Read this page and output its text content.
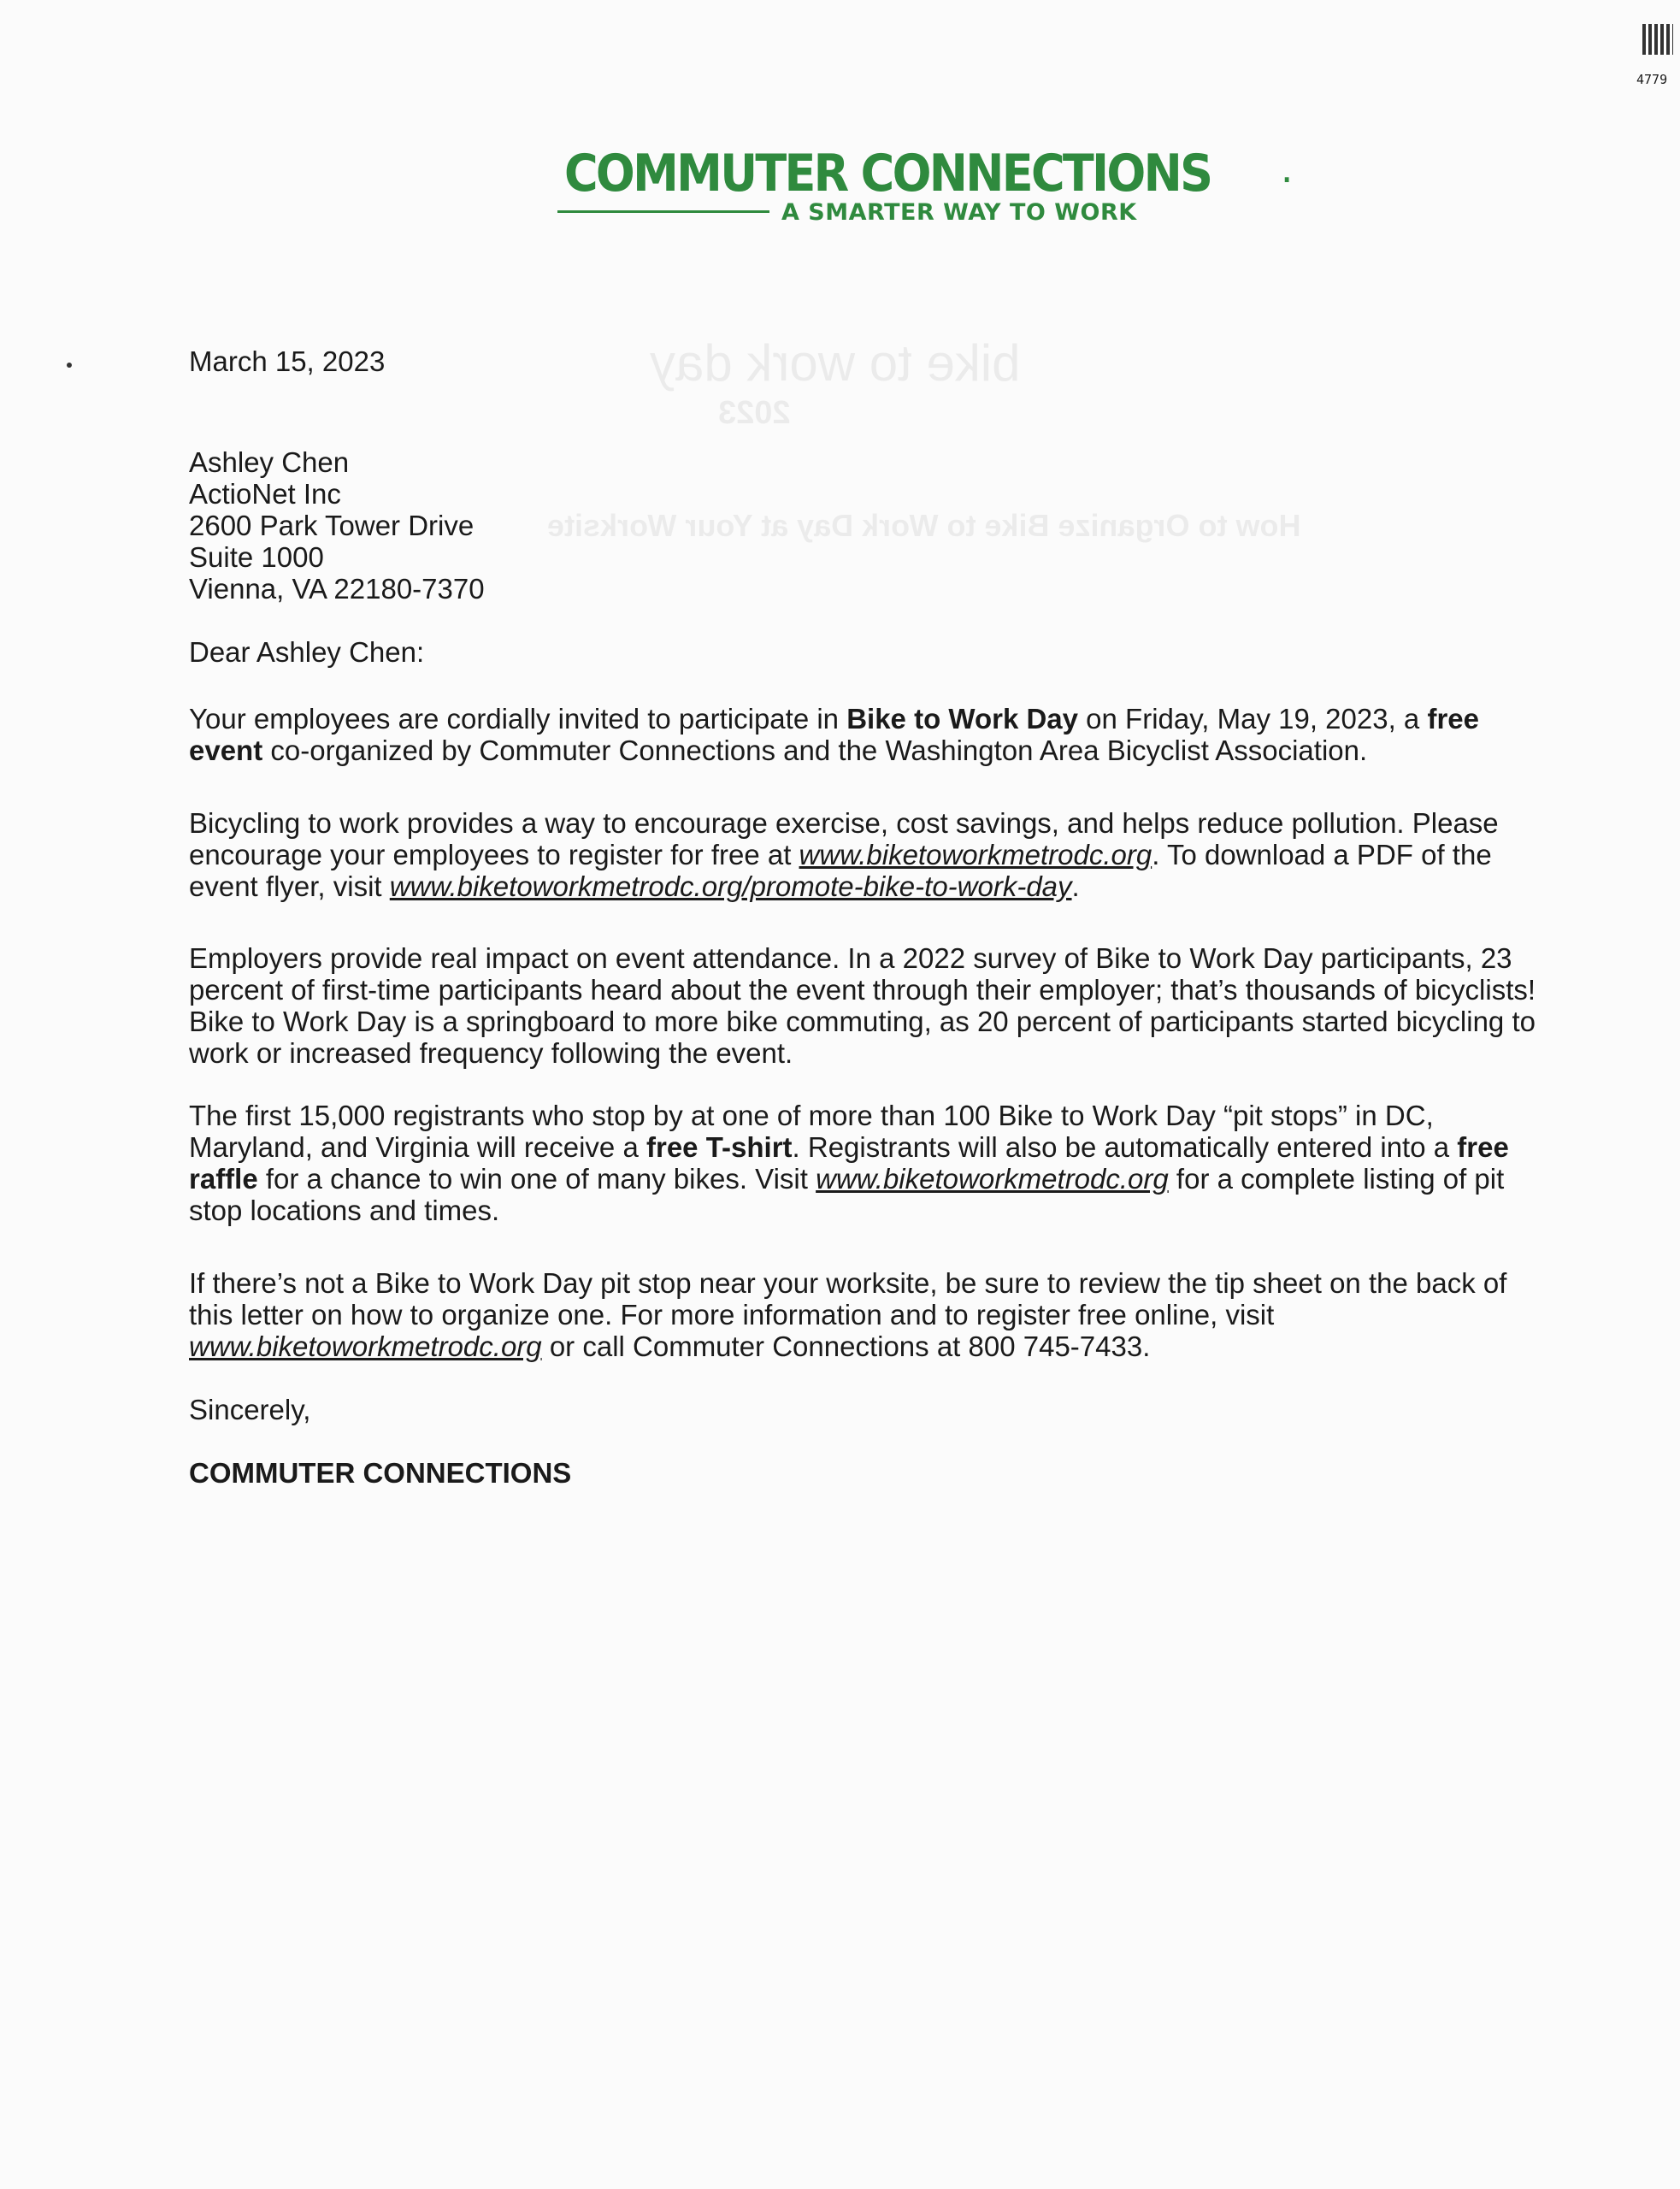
4779
COMMUTER CONNECTIONS	.
A SMARTER WAY TO WORK
bike to work day
2023
How to Organize Bike to Work Day at Your Worksite

March 15, 2023

Ashley Chen

ActioNet Inc

2600 Park Tower Drive

Suite 1000

Vienna, VA 22180-7370

Dear Ashley Chen:

Your employees are cordially invited to participate in Bike to Work Day on Friday, May 19, 2023, a free event co-organized by Commuter Connections and the Washington Area Bicyclist Association.

Bicycling to work provides a way to encourage exercise, cost savings, and helps reduce pollution. Please encourage your employees to register for free at www.biketoworkmetrodc.org. To download a PDF of the event flyer, visit www.biketoworkmetrodc.org/promote-bike-to-work-day.

Employers provide real impact on event attendance. In a 2022 survey of Bike to Work Day participants, 23 percent of first-time participants heard about the event through their employer; that’s thousands of bicyclists! Bike to Work Day is a springboard to more bike commuting, as 20 percent of participants started bicycling to work or increased frequency following the event.

The first 15,000 registrants who stop by at one of more than 100 Bike to Work Day “pit stops” in DC, Maryland, and Virginia will receive a free T-shirt. Registrants will also be automatically entered into a free raffle for a chance to win one of many bikes. Visit www.biketoworkmetrodc.org for a complete listing of pit stop locations and times.

If there’s not a Bike to Work Day pit stop near your worksite, be sure to review the tip sheet on the back of this letter on how to organize one. For more information and to register free online, visit www.biketoworkmetrodc.org or call Commuter Connections at 800 745-7433.

Sincerely,

COMMUTER CONNECTIONS
